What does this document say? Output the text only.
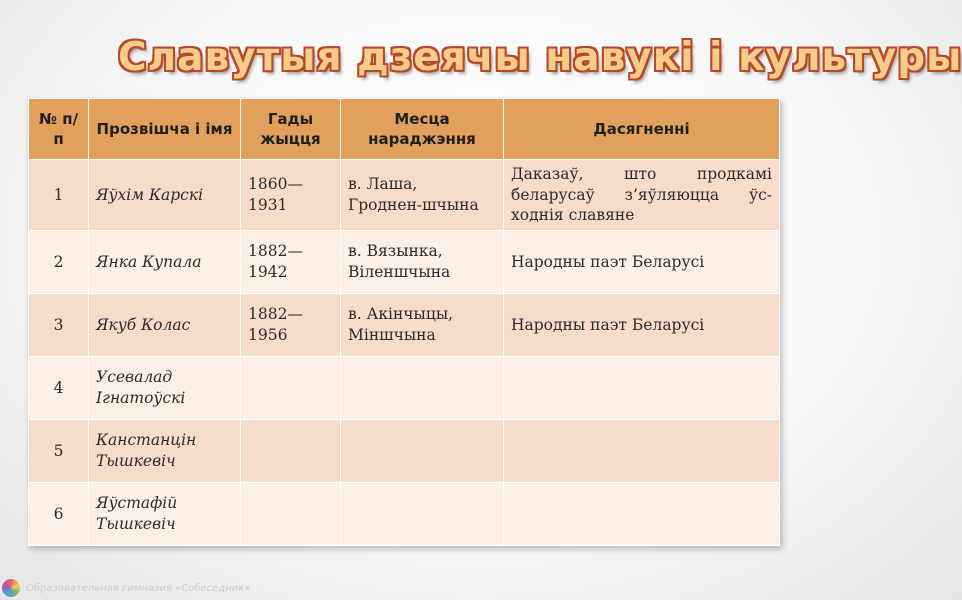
Славутыя дзеячы навукі і культуры
№ п/п	Прозвішча і імя	Гады жыцця	Месца нараджэння	Дасягненні
1	Яўхім Карскі	1860—1931	в. Лаша, Гроднен-шчына	Даказаў, што продкамі беларусаў з’яўляюцца ўс-ходнія славяне
2	Янка Купала	1882—1942	в. Вязынка, Віленшчына	Народны паэт Беларусі
3	Якуб Колас	1882—1956	в. Акінчыцы, Міншчына	Народны паэт Беларусі
4	Усевалад Ігнатоўскі			
5	Канстанцін Тышкевіч			
6	Яўстафій Тышкевіч			
Образовательная гимназия «Собеседник»
